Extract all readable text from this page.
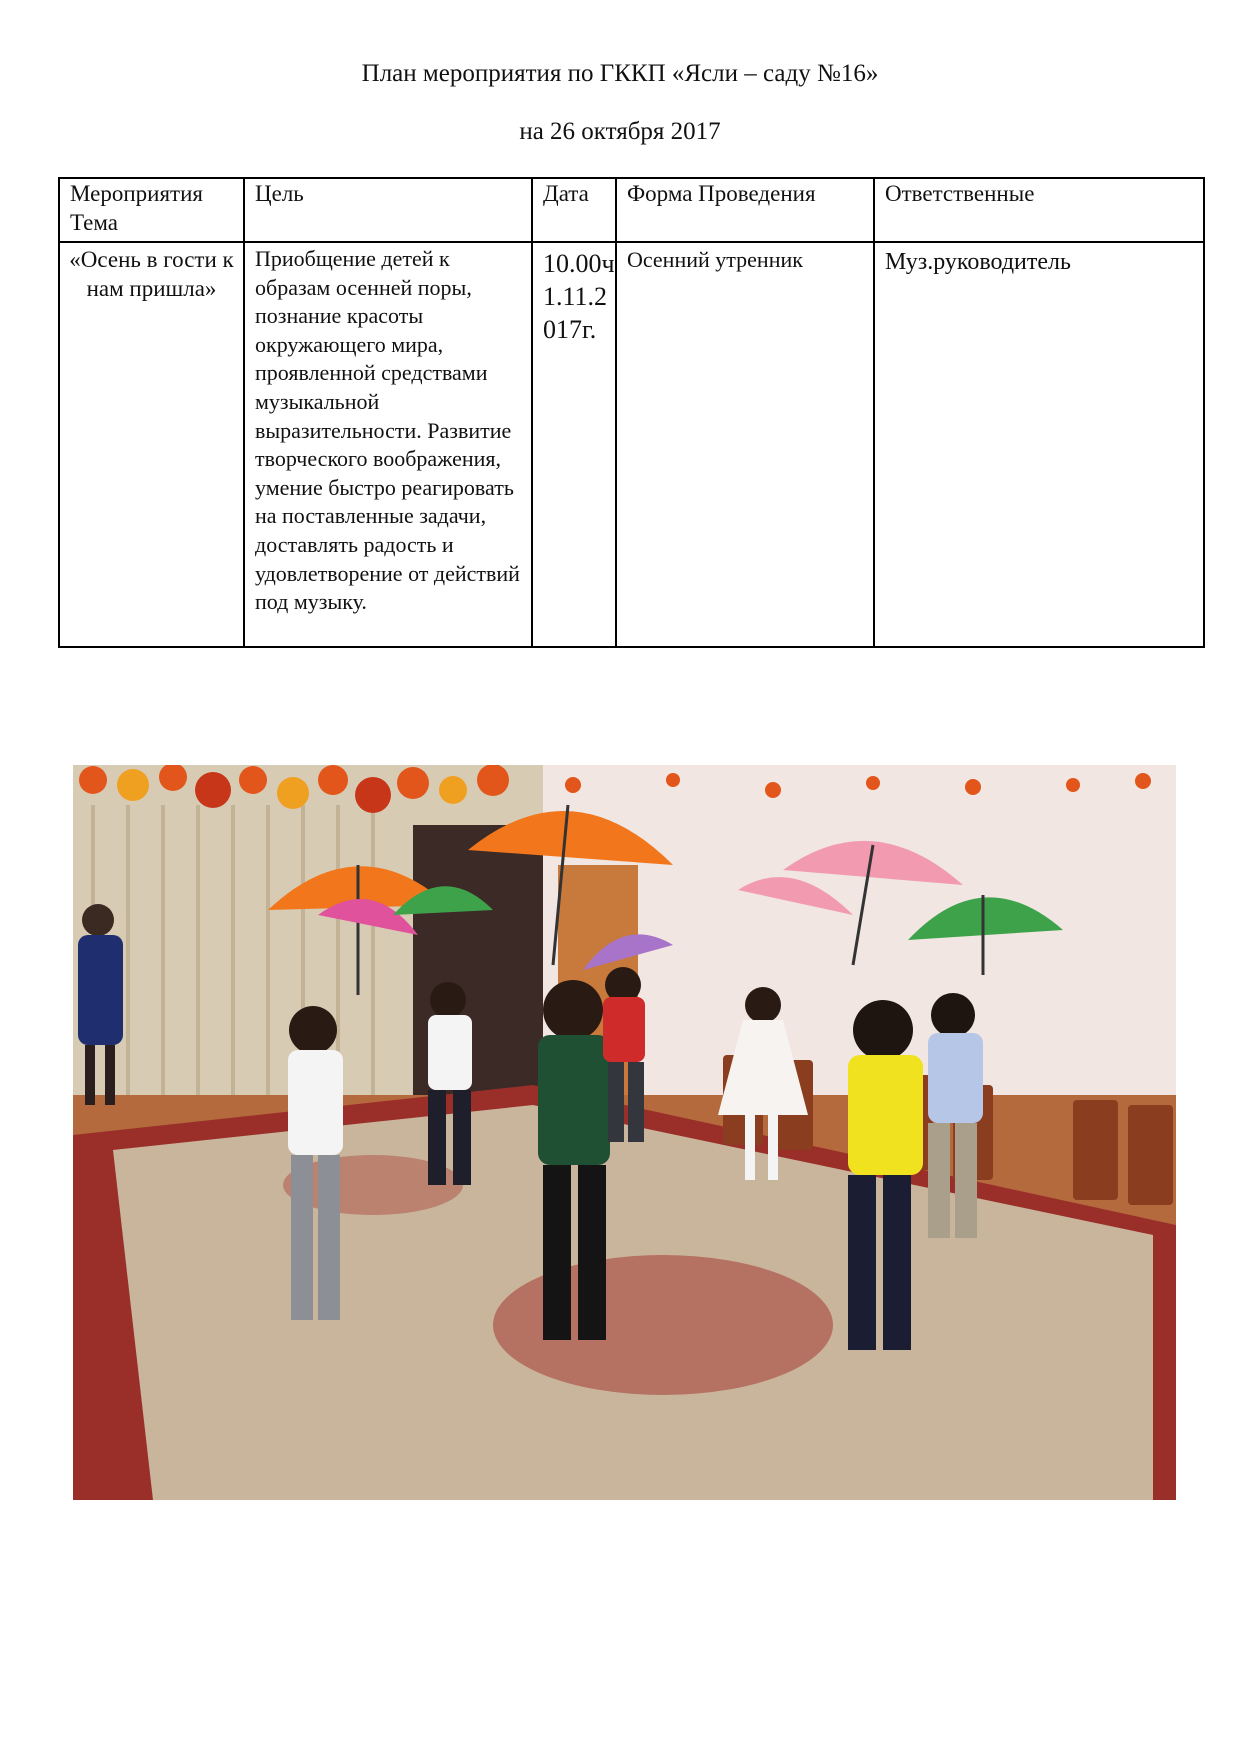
План мероприятия по ГККП «Ясли – саду №16»
на 26 октября 2017
Мероприятия Тема	Цель	Дата	Форма Проведения	Ответственные
«Осень в гости к нам пришла»	Приобщение детей к образам осенней поры, познание красоты окружающего мира, проявленной средствами музыкальной выразительности. Развитие творческого воображения, умение быстро реагировать на поставленные задачи, доставлять радость и удовлетворение от действий под музыку.	10.00ч 1.11.2 017г.	Осенний утренник	Муз.руководитель
